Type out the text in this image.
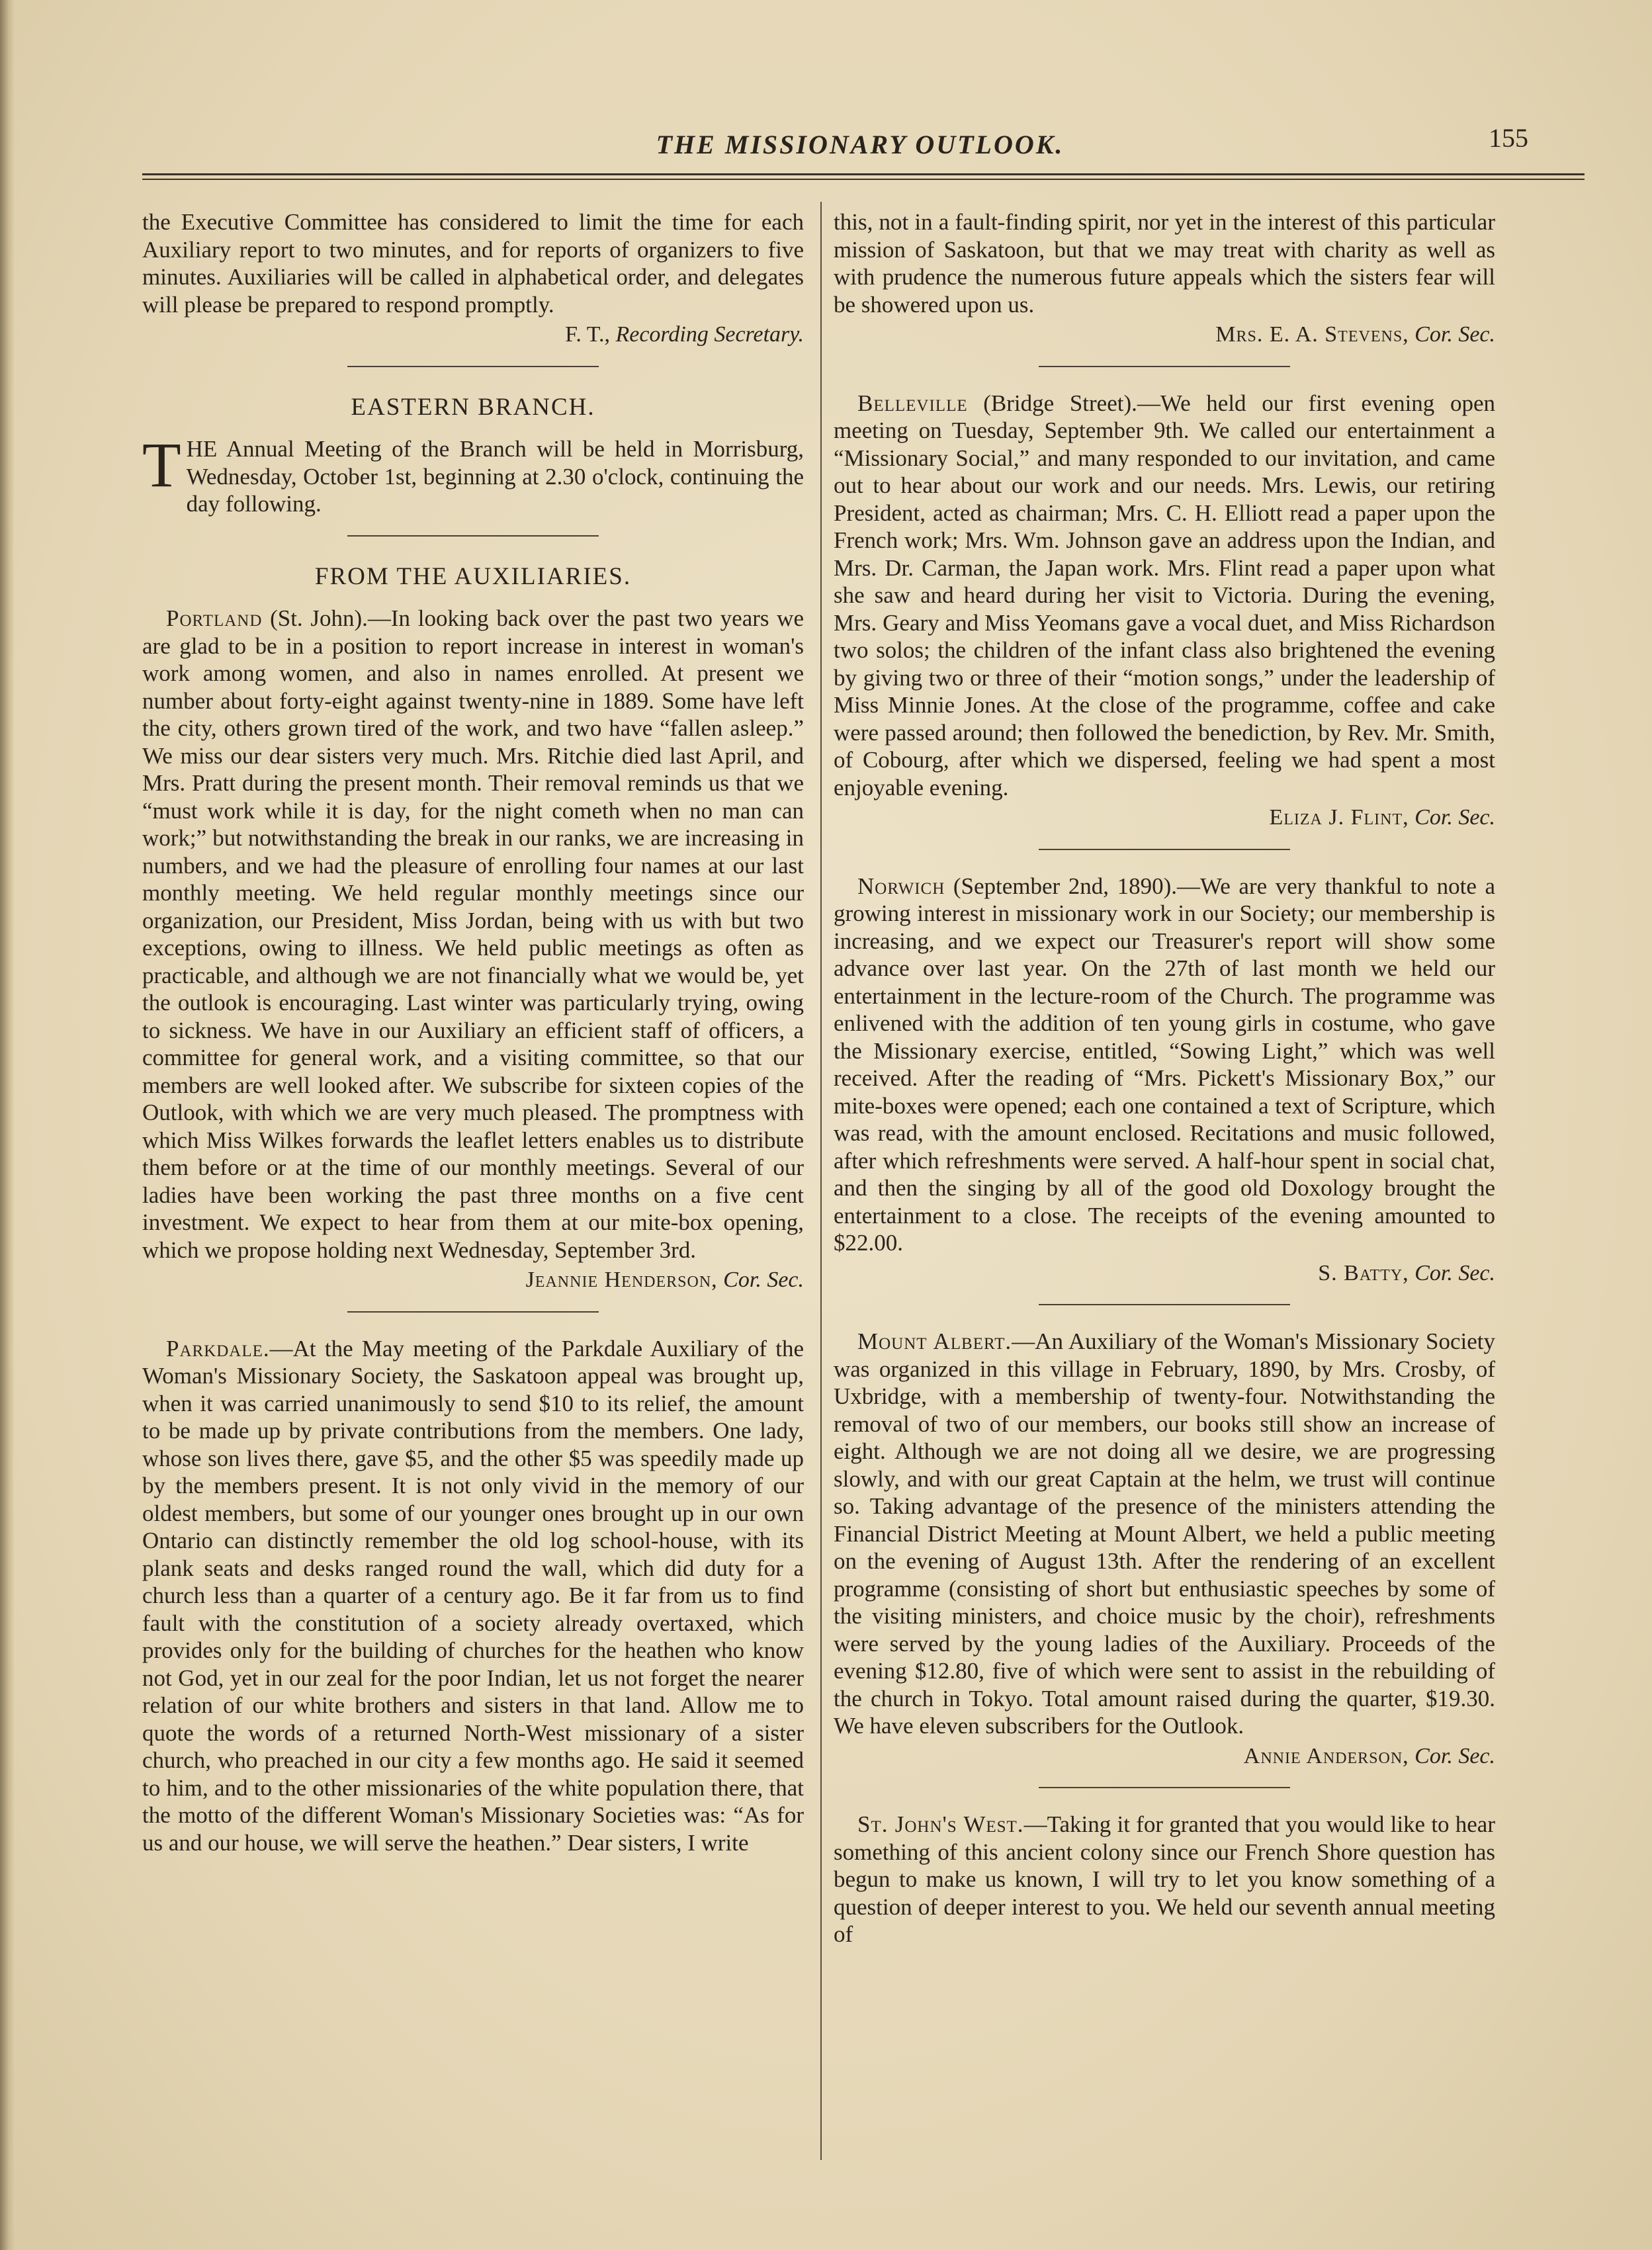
THE MISSIONARY OUTLOOK.	155

the Executive Committee has considered to limit the time for each Auxiliary report to two minutes, and for reports of organizers to five minutes. Auxiliaries will be called in alphabetical order, and delegates will please be prepared to respond promptly.

F. T., Recording Secretary.
EASTERN BRANCH.

THE Annual Meeting of the Branch will be held in Morrisburg, Wednesday, October 1st, beginning at 2.30 o'clock, continuing the day following.

FROM THE AUXILIARIES.

Portland (St. John).—In looking back over the past two years we are glad to be in a position to report increase in interest in woman's work among women, and also in names enrolled. At present we number about forty-eight against twenty-nine in 1889. Some have left the city, others grown tired of the work, and two have “fallen asleep.” We miss our dear sisters very much. Mrs. Ritchie died last April, and Mrs. Pratt during the present month. Their removal reminds us that we “must work while it is day, for the night cometh when no man can work;” but notwithstanding the break in our ranks, we are increasing in numbers, and we had the pleasure of enrolling four names at our last monthly meeting. We held regular monthly meetings since our organization, our President, Miss Jordan, being with us with but two exceptions, owing to illness. We held public meetings as often as practicable, and although we are not financially what we would be, yet the outlook is encouraging. Last winter was particularly trying, owing to sickness. We have in our Auxiliary an efficient staff of officers, a committee for general work, and a visiting committee, so that our members are well looked after. We subscribe for sixteen copies of the Outlook, with which we are very much pleased. The promptness with which Miss Wilkes forwards the leaflet letters enables us to distribute them before or at the time of our monthly meetings. Several of our ladies have been working the past three months on a five cent investment. We expect to hear from them at our mite-box opening, which we propose holding next Wednesday, September 3rd.

Jeannie Henderson, Cor. Sec.

Parkdale.—At the May meeting of the Parkdale Auxiliary of the Woman's Missionary Society, the Saskatoon appeal was brought up, when it was carried unanimously to send $10 to its relief, the amount to be made up by private contributions from the members. One lady, whose son lives there, gave $5, and the other $5 was speedily made up by the members present. It is not only vivid in the memory of our oldest members, but some of our younger ones brought up in our own Ontario can distinctly remember the old log school-house, with its plank seats and desks ranged round the wall, which did duty for a church less than a quarter of a century ago. Be it far from us to find fault with the constitution of a society already overtaxed, which provides only for the building of churches for the heathen who know not God, yet in our zeal for the poor Indian, let us not forget the nearer relation of our white brothers and sisters in that land. Allow me to quote the words of a returned North-West missionary of a sister church, who preached in our city a few months ago. He said it seemed to him, and to the other missionaries of the white population there, that the motto of the different Woman's Missionary Societies was: “As for us and our house, we will serve the heathen.” Dear sisters, I write

this, not in a fault-finding spirit, nor yet in the interest of this particular mission of Saskatoon, but that we may treat with charity as well as with prudence the numerous future appeals which the sisters fear will be showered upon us.

Mrs. E. A. Stevens, Cor. Sec.

Belleville (Bridge Street).—We held our first evening open meeting on Tuesday, September 9th. We called our entertainment a “Missionary Social,” and many responded to our invitation, and came out to hear about our work and our needs. Mrs. Lewis, our retiring President, acted as chairman; Mrs. C. H. Elliott read a paper upon the French work; Mrs. Wm. Johnson gave an address upon the Indian, and Mrs. Dr. Carman, the Japan work. Mrs. Flint read a paper upon what she saw and heard during her visit to Victoria. During the evening, Mrs. Geary and Miss Yeomans gave a vocal duet, and Miss Richardson two solos; the children of the infant class also brightened the evening by giving two or three of their “motion songs,” under the leadership of Miss Minnie Jones. At the close of the programme, coffee and cake were passed around; then followed the benediction, by Rev. Mr. Smith, of Cobourg, after which we dispersed, feeling we had spent a most enjoyable evening.

Eliza J. Flint, Cor. Sec.

Norwich (September 2nd, 1890).—We are very thankful to note a growing interest in missionary work in our Society; our membership is increasing, and we expect our Treasurer's report will show some advance over last year. On the 27th of last month we held our entertainment in the lecture-room of the Church. The programme was enlivened with the addition of ten young girls in costume, who gave the Missionary exercise, entitled, “Sowing Light,” which was well received. After the reading of “Mrs. Pickett's Missionary Box,” our mite-boxes were opened; each one contained a text of Scripture, which was read, with the amount enclosed. Recitations and music followed, after which refreshments were served. A half-hour spent in social chat, and then the singing by all of the good old Doxology brought the entertainment to a close. The receipts of the evening amounted to $22.00.

S. Batty, Cor. Sec.

Mount Albert.—An Auxiliary of the Woman's Missionary Society was organized in this village in February, 1890, by Mrs. Crosby, of Uxbridge, with a membership of twenty-four. Notwithstanding the removal of two of our members, our books still show an increase of eight. Although we are not doing all we desire, we are progressing slowly, and with our great Captain at the helm, we trust will continue so. Taking advantage of the presence of the ministers attending the Financial District Meeting at Mount Albert, we held a public meeting on the evening of August 13th. After the rendering of an excellent programme (consisting of short but enthusiastic speeches by some of the visiting ministers, and choice music by the choir), refreshments were served by the young ladies of the Auxiliary. Proceeds of the evening $12.80, five of which were sent to assist in the rebuilding of the church in Tokyo. Total amount raised during the quarter, $19.30. We have eleven subscribers for the Outlook.

Annie Anderson, Cor. Sec.

St. John's West.—Taking it for granted that you would like to hear something of this ancient colony since our French Shore question has begun to make us known, I will try to let you know something of a question of deeper interest to you. We held our seventh annual meeting of
